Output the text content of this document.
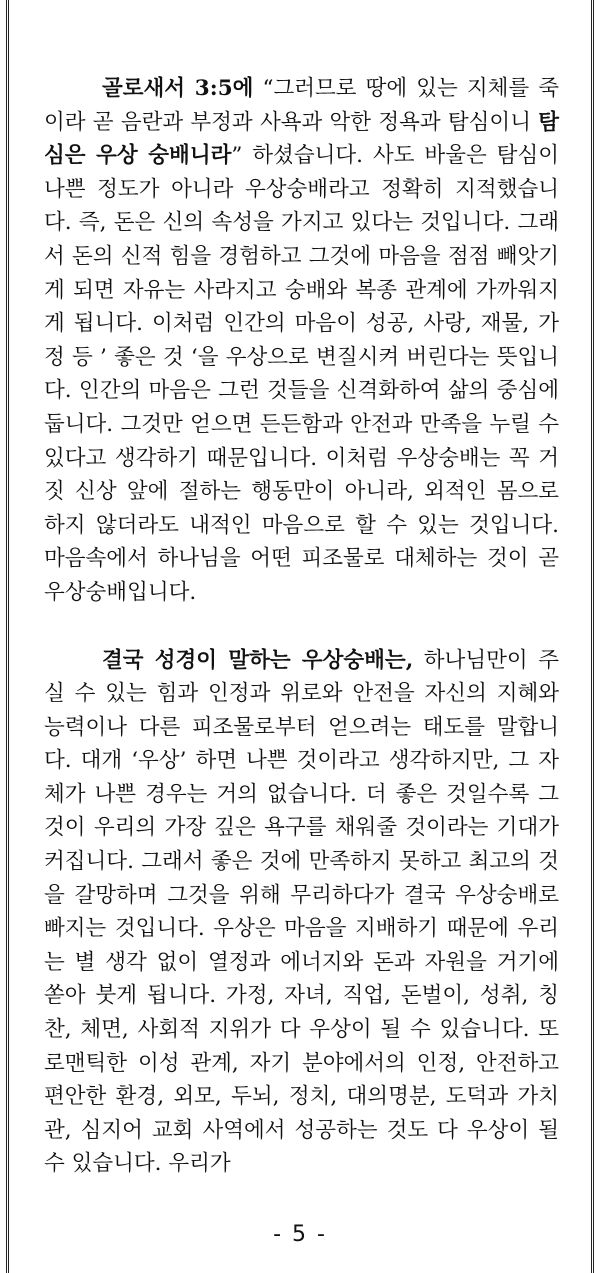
골로새서 3:5에 “그러므로 땅에 있는 지체를 죽이라 곧 음란과 부정과 사욕과 악한 정욕과 탐심이니 탐심은 우상 숭배니라” 하셨습니다. 사도 바울은 탐심이 나쁜 정도가 아니라 우상숭배라고 정확히 지적했습니다. 즉, 돈은 신의 속성을 가지고 있다는 것입니다. 그래서 돈의 신적 힘을 경험하고 그것에 마음을 점점 빼앗기게 되면 자유는 사라지고 숭배와 복종 관계에 가까워지게 됩니다. 이처럼 인간의 마음이 성공, 사랑, 재물, 가정 등 ’ 좋은 것 ‘을 우상으로 변질시켜 버린다는 뜻입니다. 인간의 마음은 그런 것들을 신격화하여 삶의 중심에 둡니다. 그것만 얻으면 든든함과 안전과 만족을 누릴 수 있다고 생각하기 때문입니다. 이처럼 우상숭배는 꼭 거짓 신상 앞에 절하는 행동만이 아니라, 외적인 몸으로 하지 않더라도 내적인 마음으로 할 수 있는 것입니다. 마음속에서 하나님을 어떤 피조물로 대체하는 것이 곧 우상숭배입니다.

결국 성경이 말하는 우상숭배는, 하나님만이 주실 수 있는 힘과 인정과 위로와 안전을 자신의 지혜와 능력이나 다른 피조물로부터 얻으려는 태도를 말합니다. 대개 ‘우상’ 하면 나쁜 것이라고 생각하지만, 그 자체가 나쁜 경우는 거의 없습니다. 더 좋은 것일수록 그것이 우리의 가장 깊은 욕구를 채워줄 것이라는 기대가 커집니다. 그래서 좋은 것에 만족하지 못하고 최고의 것을 갈망하며 그것을 위해 무리하다가 결국 우상숭배로 빠지는 것입니다. 우상은 마음을 지배하기 때문에 우리는 별 생각 없이 열정과 에너지와 돈과 자원을 거기에 쏟아 붓게 됩니다. 가정, 자녀, 직업, 돈벌이, 성취, 칭찬, 체면, 사회적 지위가 다 우상이 될 수 있습니다. 또 로맨틱한 이성 관계, 자기 분야에서의 인정, 안전하고 편안한 환경, 외모, 두뇌, 정치, 대의명분, 도덕과 가치관, 심지어 교회 사역에서 성공하는 것도 다 우상이 될 수 있습니다. 우리가

- 5 -
